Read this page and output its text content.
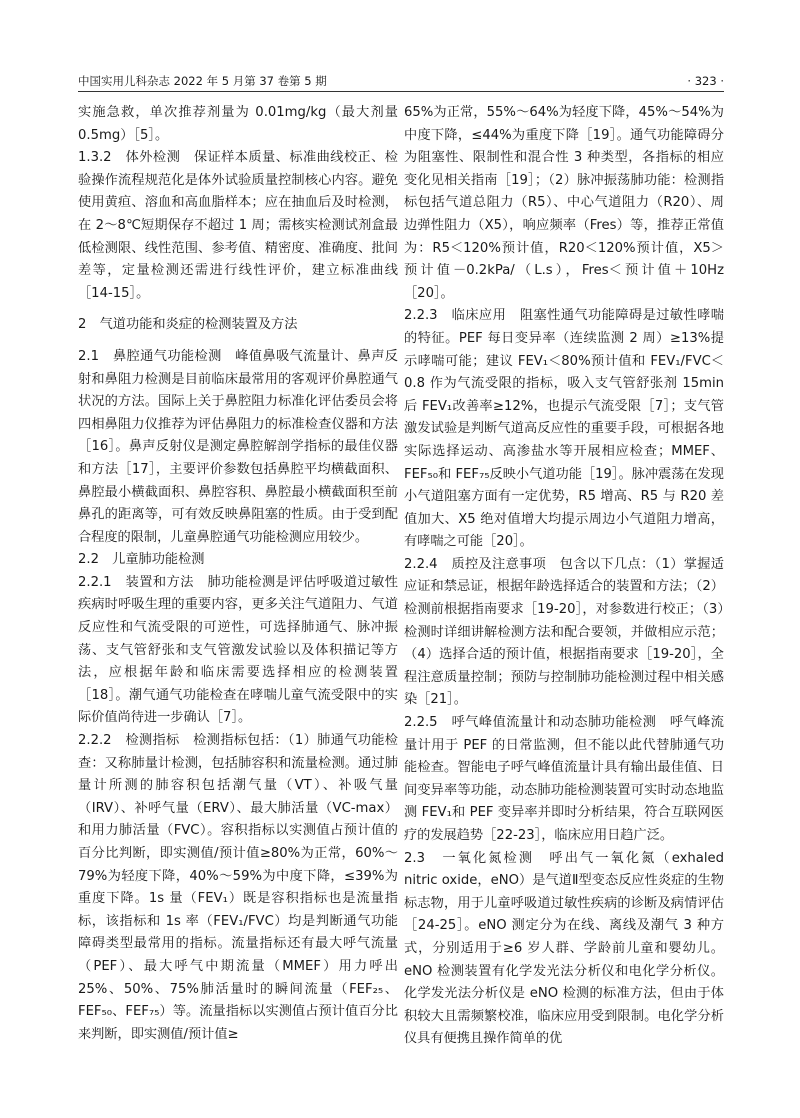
中国实用儿科杂志 2022 年 5 月第 37 卷第 5 期	· 323 ·

实施急救，单次推荐剂量为 0.01mg/kg（最大剂量 0.5mg）［5］。

1.3.2　体外检测　保证样本质量、标准曲线校正、检验操作流程规范化是体外试验质量控制核心内容。避免使用黄疸、溶血和高血脂样本；应在抽血后及时检测，在 2～8℃短期保存不超过 1 周；需核实检测试剂盒最低检测限、线性范围、参考值、精密度、准确度、批间差等，定量检测还需进行线性评价，建立标准曲线［14-15］。

2　气道功能和炎症的检测装置及方法

2.1　鼻腔通气功能检测　峰值鼻吸气流量计、鼻声反射和鼻阻力检测是目前临床最常用的客观评价鼻腔通气状况的方法。国际上关于鼻腔阻力标准化评估委员会将四相鼻阻力仪推荐为评估鼻阻力的标准检查仪器和方法［16］。鼻声反射仪是测定鼻腔解剖学指标的最佳仪器和方法［17］，主要评价参数包括鼻腔平均横截面积、鼻腔最小横截面积、鼻腔容积、鼻腔最小横截面积至前鼻孔的距离等，可有效反映鼻阻塞的性质。由于受到配合程度的限制，儿童鼻腔通气功能检测应用较少。

2.2　儿童肺功能检测

2.2.1　装置和方法　肺功能检测是评估呼吸道过敏性疾病时呼吸生理的重要内容，更多关注气道阻力、气道反应性和气流受限的可逆性，可选择肺通气、脉冲振荡、支气管舒张和支气管激发试验以及体积描记等方法，应根据年龄和临床需要选择相应的检测装置［18］。潮气通气功能检查在哮喘儿童气流受限中的实际价值尚待进一步确认［7］。

2.2.2　检测指标　检测指标包括：（1）肺通气功能检查：又称肺量计检测，包括肺容积和流量检测。通过肺量计所测的肺容积包括潮气量（VT）、补吸气量（IRV）、补呼气量（ERV）、最大肺活量（VC-max）和用力肺活量（FVC）。容积指标以实测值占预计值的百分比判断，即实测值/预计值≥80%为正常，60%～79%为轻度下降，40%～59%为中度下降，≤39%为重度下降。1s 量（FEV₁）既是容积指标也是流量指标，该指标和 1s 率（FEV₁/FVC）均是判断通气功能障碍类型最常用的指标。流量指标还有最大呼气流量（PEF）、最大呼气中期流量（MMEF）用力呼出 25%、50%、75%肺活量时的瞬间流量（FEF₂₅、FEF₅₀、FEF₇₅）等。流量指标以实测值占预计值百分比来判断，即实测值/预计值≥

65%为正常，55%～64%为轻度下降，45%～54%为中度下降，≤44%为重度下降［19］。通气功能障碍分为阻塞性、限制性和混合性 3 种类型，各指标的相应变化见相关指南［19］；（2）脉冲振荡肺功能：检测指标包括气道总阻力（R5）、中心气道阻力（R20）、周边弹性阻力（X5），响应频率（Fres）等，推荐正常值为：R5＜120%预计值，R20＜120%预计值，X5＞预计值－0.2kPa/（L.s），Fres＜预计值＋10Hz［20］。

2.2.3　临床应用　阻塞性通气功能障碍是过敏性哮喘的特征。PEF 每日变异率（连续监测 2 周）≥13%提示哮喘可能；建议 FEV₁＜80%预计值和 FEV₁/FVC＜0.8 作为气流受限的指标，吸入支气管舒张剂 15min 后 FEV₁改善率≥12%，也提示气流受限［7］；支气管激发试验是判断气道高反应性的重要手段，可根据各地实际选择运动、高渗盐水等开展相应检查；MMEF、FEF₅₀和 FEF₇₅反映小气道功能［19］。脉冲震荡在发现小气道阻塞方面有一定优势，R5 增高、R5 与 R20 差值加大、X5 绝对值增大均提示周边小气道阻力增高，有哮喘之可能［20］。

2.2.4　质控及注意事项　包含以下几点：（1）掌握适应证和禁忌证，根据年龄选择适合的装置和方法；（2）检测前根据指南要求［19-20］，对参数进行校正；（3）检测时详细讲解检测方法和配合要领，并做相应示范；（4）选择合适的预计值，根据指南要求［19-20］，全程注意质量控制；预防与控制肺功能检测过程中相关感染［21］。

2.2.5　呼气峰值流量计和动态肺功能检测　呼气峰流量计用于 PEF 的日常监测，但不能以此代替肺通气功能检查。智能电子呼气峰值流量计具有输出最佳值、日间变异率等功能，动态肺功能检测装置可实时动态地监测 FEV₁和 PEF 变异率并即时分析结果，符合互联网医疗的发展趋势［22-23］，临床应用日趋广泛。

2.3　一氧化氮检测　呼出气一氧化氮（exhaled nitric oxide，eNO）是气道Ⅱ型变态反应性炎症的生物标志物，用于儿童呼吸道过敏性疾病的诊断及病情评估［24-25］。eNO 测定分为在线、离线及潮气 3 种方式，分别适用于≥6 岁人群、学龄前儿童和婴幼儿。eNO 检测装置有化学发光法分析仪和电化学分析仪。化学发光法分析仪是 eNO 检测的标准方法，但由于体积较大且需频繁校准，临床应用受到限制。电化学分析仪具有便携且操作简单的优
